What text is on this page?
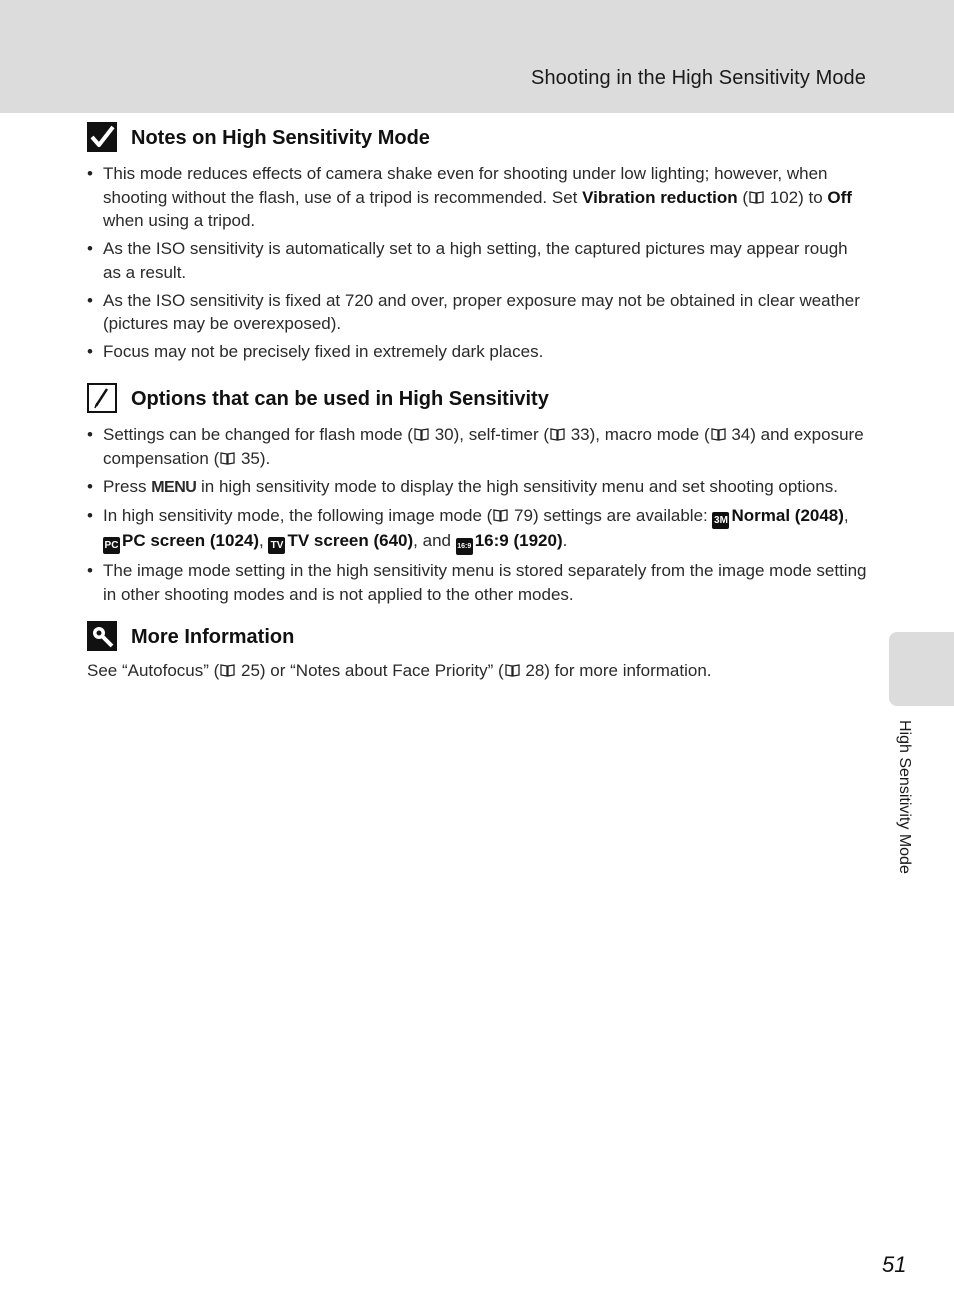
Shooting in the High Sensitivity Mode
Notes on High Sensitivity Mode
• This mode reduces effects of camera shake even for shooting under low lighting; however, when shooting without the flash, use of a tripod is recommended. Set Vibration reduction ( 102) to Off when using a tripod.
• As the ISO sensitivity is automatically set to a high setting, the captured pictures may appear rough as a result.
• As the ISO sensitivity is fixed at 720 and over, proper exposure may not be obtained in clear weather (pictures may be overexposed).
• Focus may not be precisely fixed in extremely dark places.
Options that can be used in High Sensitivity
• Settings can be changed for flash mode ( 30), self-timer ( 33), macro mode ( 34) and exposure compensation ( 35).
• Press MENU in high sensitivity mode to display the high sensitivity menu and set shooting options.
• In high sensitivity mode, the following image mode ( 79) settings are available: 3M Normal (2048), PC PC screen (1024), TV TV screen (640), and 16:9 16:9 (1920).
• The image mode setting in the high sensitivity menu is stored separately from the image mode setting in other shooting modes and is not applied to the other modes.
More Information

See “Autofocus” ( 25) or “Notes about Face Priority” ( 28) for more information.

High Sensitivity Mode
51
